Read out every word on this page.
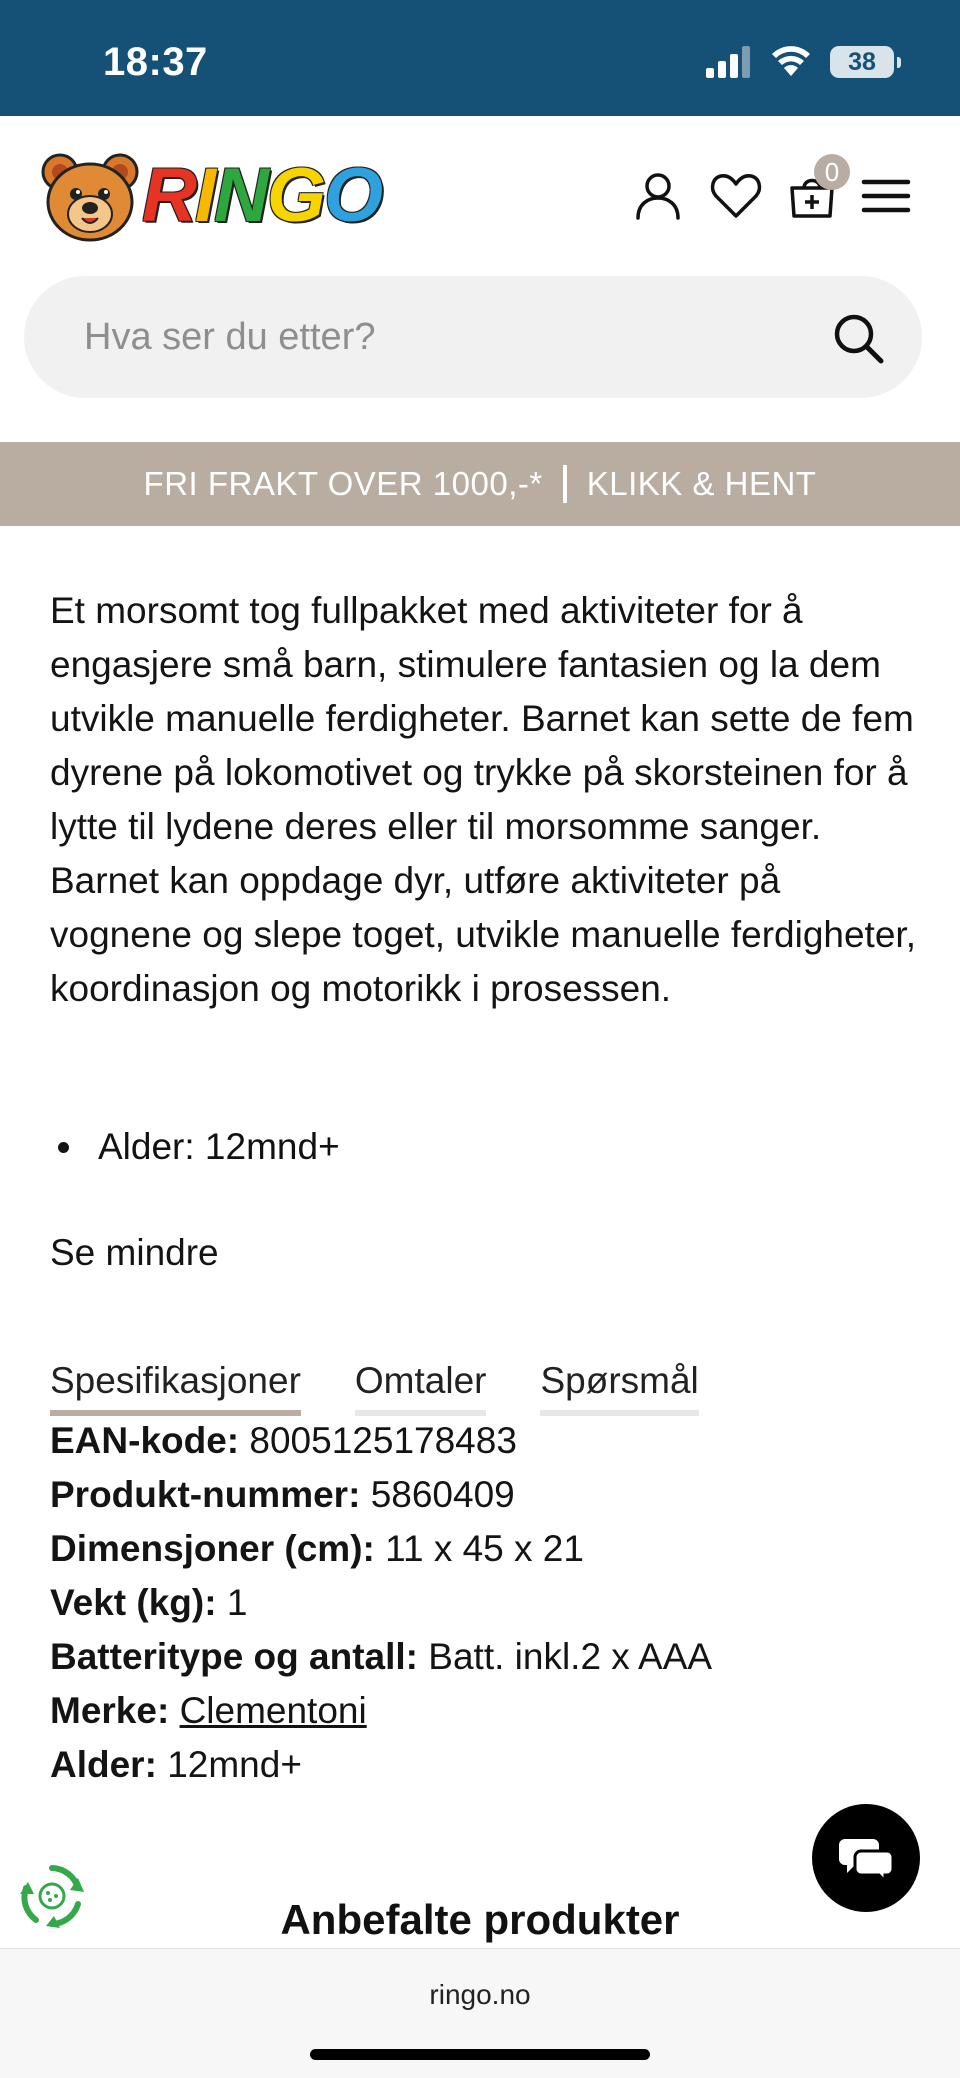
18:37	38
RINGO	0
Hva ser du etter?
FRI FRAKT OVER 1000,-* KLIKK & HENT

Et morsomt tog fullpakket med aktiviteter for å engasjere små barn, stimulere fantasien og la dem utvikle manuelle ferdigheter. Barnet kan sette de fem dyrene på lokomotivet og trykke på skorsteinen for å lytte til lydene deres eller til morsomme sanger. Barnet kan oppdage dyr, utføre aktiviteter på vognene og slepe toget, utvikle manuelle ferdigheter, koordinasjon og motorikk i prosessen.

Alder: 12mnd+
Se mindre
Spesifikasjoner Omtaler Spørsmål
EAN-kode: 8005125178483
Produkt-nummer: 5860409
Dimensjoner (cm): 11 x 45 x 21
Vekt (kg): 1
Batteritype og antall: Batt. inkl.2 x AAA
Merke: Clementoni
Alder: 12mnd+
Anbefalte produkter
ringo.no
